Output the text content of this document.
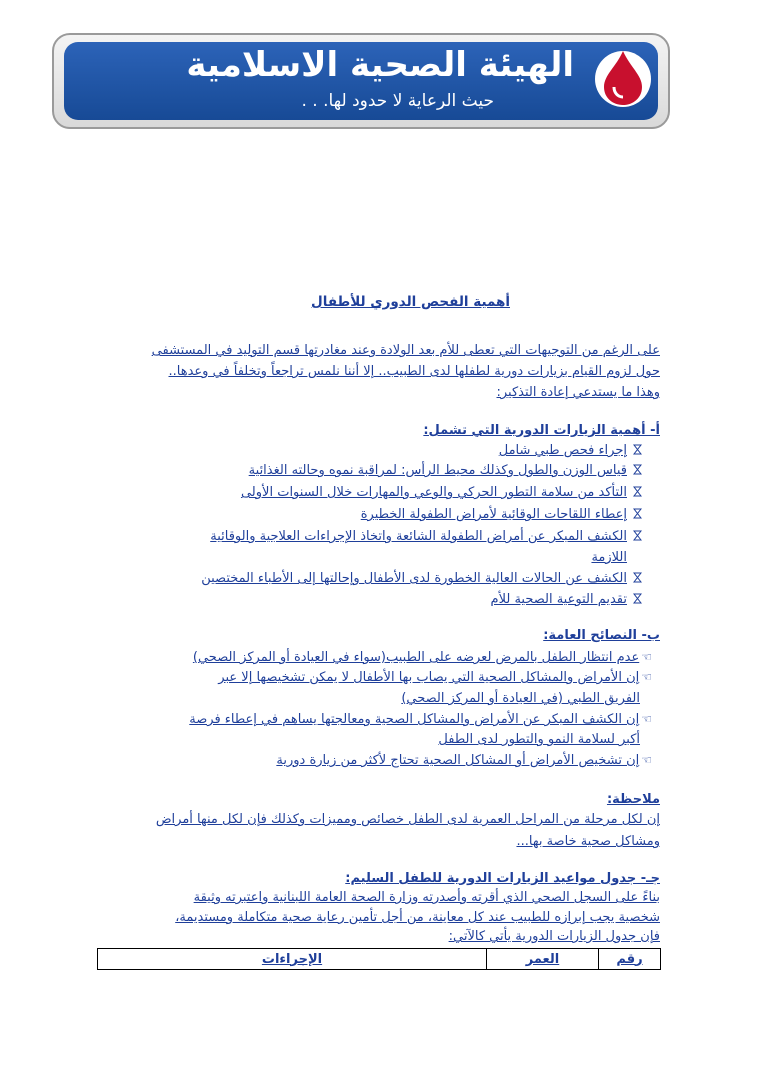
الهيئة الصحية الاسلامية
حيث الرعاية لا حدود لها. . .
أهمية الفحص الدوري للأطفال
على الرغم من التوجيهات التي تعطى للأم بعد الولادة وعند مغادرتها قسم التوليد في المستشفى
حول لزوم القيام بزيارات دورية لطفلها لدى الطبيب.. إلا أننا نلمس تراجعاً وتخلفاً في وعدها..
وهذا ما يستدعي إعادة التذكير:
أ- أهمية الزيارات الدورية التي تشمل:
إجراء فحص طبي شامل
قياس الوزن والطول وكذلك محيط الرأس: لمراقبة نموه وحالته الغذائية
التأكد من سلامة التطور الحركي والوعي والمهارات خلال السنوات الأولى
إعطاء اللقاحات الوقائية لأمراض الطفولة الخطيرة
الكشف المبكر عن أمراض الطفولة الشائعة واتخاذ الإجراءات العلاجية والوقائية
اللازمة
الكشف عن الحالات العالية الخطورة لدى الأطفال وإحالتها إلى الأطباء المختصين
تقديم التوعية الصحية للأم
ب- النصائح العامة:
☜عدم انتظار الطفل بالمرض لعرضه على الطبيب(سواء في العيادة أو المركز الصحي)
☜إن الأمراض والمشاكل الصحية التي يصاب بها الأطفال لا يمكن تشخيصها إلا عبر
الفريق الطبي (في العيادة أو المركز الصحي)
☜إن الكشف المبكر عن الأمراض والمشاكل الصحية ومعالجتها يساهم في إعطاء فرصة
أكبر لسلامة النمو والتطور لدى الطفل
☜إن تشخيص الأمراض أو المشاكل الصحية تحتاج لأكثر من زيارة دورية
ملاحظة:
إن لكل مرحلة من المراحل العمرية لدى الطفل خصائص ومميزات وكذلك فإن لكل منها أمراض
ومشاكل صحية خاصة بها...
جـ- جدول مواعيد الزيارات الدورية للطفل السليم:
بناءً على السجل الصحي الذي أقرته وأصدرته وزارة الصحة العامة اللبنانية واعتبرته وثيقة
شخصية يجب إبرازه للطبيب عند كل معاينة، من أجل تأمين رعاية صحية متكاملة ومستديمة،
فإن جدول الزيارات الدورية يأتي كالآتي:
رقم	العمر	الإجراءات
